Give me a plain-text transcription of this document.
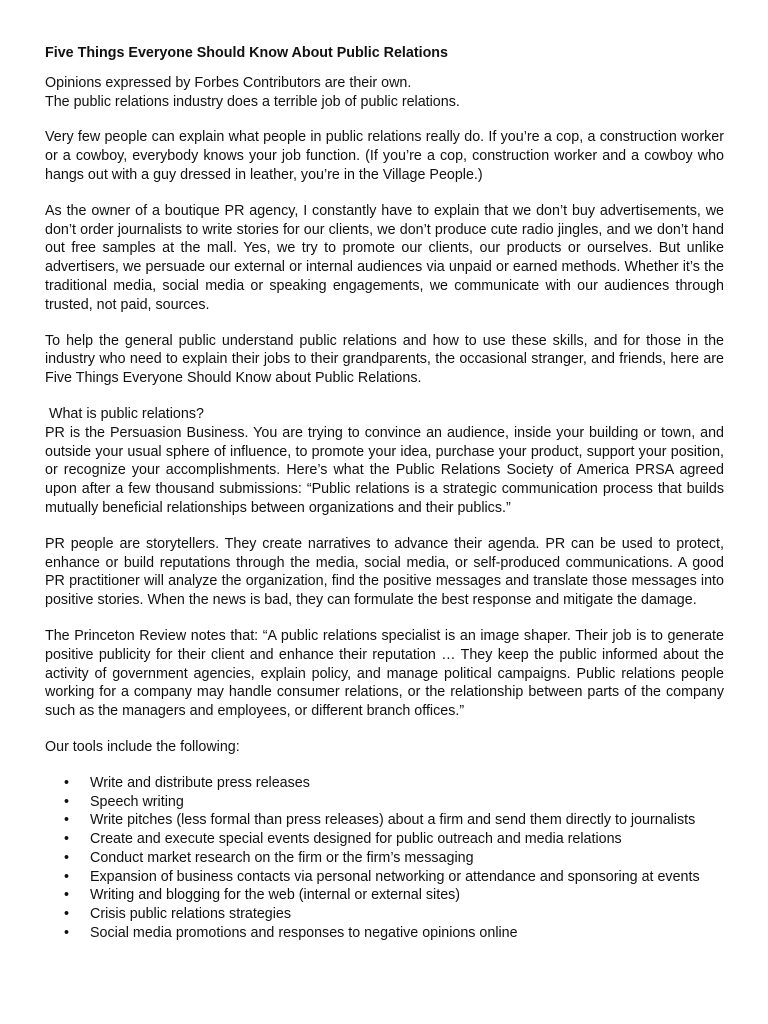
Five Things Everyone Should Know About Public Relations
Opinions expressed by Forbes Contributors are their own.
The public relations industry does a terrible job of public relations.
Very few people can explain what people in public relations really do. If you’re a cop, a construction worker or a cowboy, everybody knows your job function. (If you’re a cop, construction worker and a cowboy who hangs out with a guy dressed in leather, you’re in the Village People.)
As the owner of a boutique PR agency, I constantly have to explain that we don’t buy advertisements, we don’t order journalists to write stories for our clients, we don’t produce cute radio jingles, and we don’t hand out free samples at the mall. Yes, we try to promote our clients, our products or ourselves. But unlike advertisers, we persuade our external or internal audiences via unpaid or earned methods. Whether it’s the traditional media, social media or speaking engagements, we communicate with our audiences through trusted, not paid, sources.
To help the general public understand public relations and how to use these skills, and for those in the industry who need to explain their jobs to their grandparents, the occasional stranger, and friends, here are Five Things Everyone Should Know about Public Relations.
What is public relations?
PR is the Persuasion Business. You are trying to convince an audience, inside your building or town, and outside your usual sphere of influence, to promote your idea, purchase your product, support your position, or recognize your accomplishments. Here’s what the Public Relations Society of America PRSA agreed upon after a few thousand submissions: “Public relations is a strategic communication process that builds mutually beneficial relationships between organizations and their publics.”
PR people are storytellers. They create narratives to advance their agenda. PR can be used to protect, enhance or build reputations through the media, social media, or self-produced communications. A good PR practitioner will analyze the organization, find the positive messages and translate those messages into positive stories. When the news is bad, they can formulate the best response and mitigate the damage.
The Princeton Review notes that: “A public relations specialist is an image shaper. Their job is to generate positive publicity for their client and enhance their reputation … They keep the public informed about the activity of government agencies, explain policy, and manage political campaigns. Public relations people working for a company may handle consumer relations, or the relationship between parts of the company such as the managers and employees, or different branch offices.”
Our tools include the following:
• Write and distribute press releases
• Speech writing
• Write pitches (less formal than press releases) about a firm and send them directly to journalists
• Create and execute special events designed for public outreach and media relations
• Conduct market research on the firm or the firm’s messaging
• Expansion of business contacts via personal networking or attendance and sponsoring at events
• Writing and blogging for the web (internal or external sites)
• Crisis public relations strategies
• Social media promotions and responses to negative opinions online
